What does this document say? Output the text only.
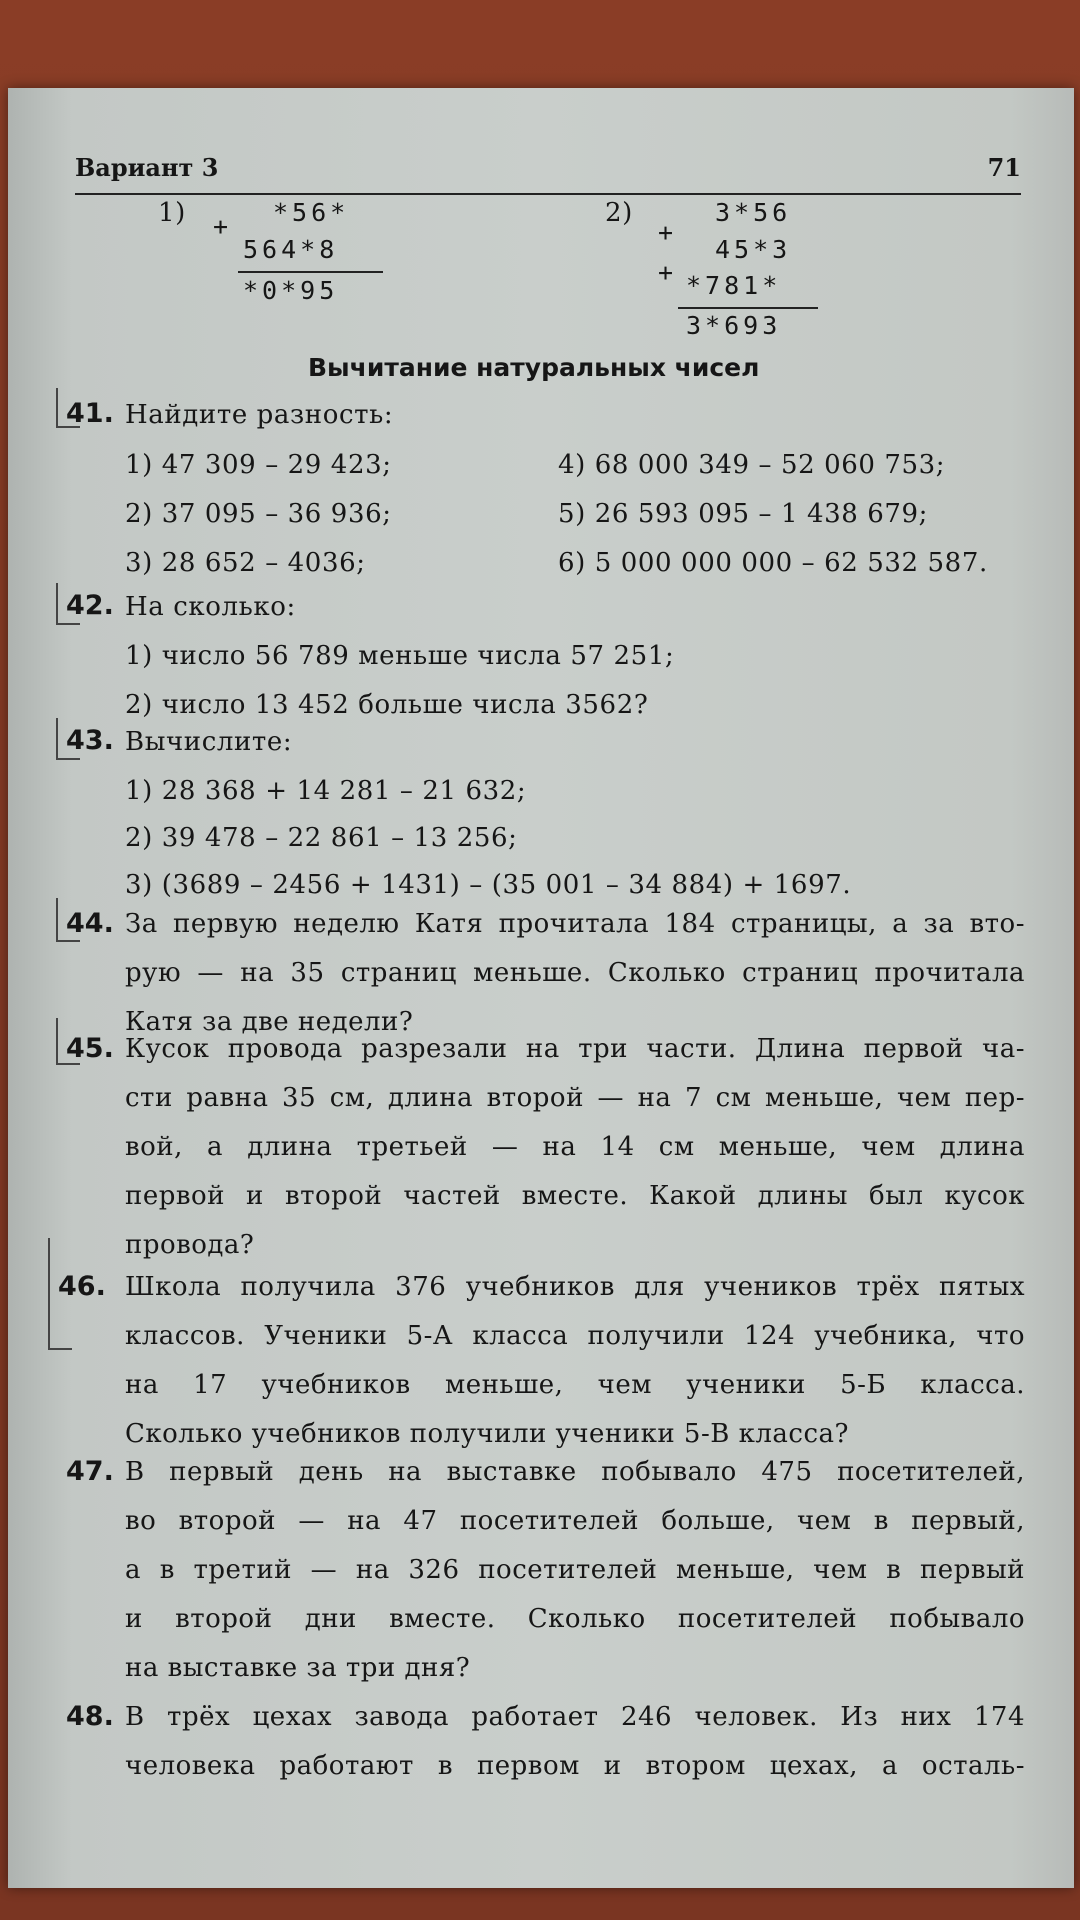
Вариант 3	71
1) + *56*
564*8
*0*95
2)
+
3*56
45*3
+ *781*
3*693
Вычитание натуральных чисел
41. Найдите разность:
1) 47 309 – 29 423;
2) 37 095 – 36 936;
3) 28 652 – 4036;
4) 68 000 349 – 52 060 753;
5) 26 593 095 – 1 438 679;
6) 5 000 000 000 – 62 532 587.
42. На сколько:
1) число 56 789 меньше числа 57 251;
2) число 13 452 больше числа 3562?
43. Вычислите:
1) 28 368 + 14 281 – 21 632;
2) 39 478 – 22 861 – 13 256;
3) (3689 – 2456 + 1431) – (35 001 – 34 884) + 1697.
44. За первую неделю Катя прочитала 184 страницы, а за вто-
рую — на 35 страниц меньше. Сколько страниц прочитала
Катя за две недели?
45. Кусок провода разрезали на три части. Длина первой ча-
сти равна 35 см, длина второй — на 7 см меньше, чем пер-
вой, а длина третьей — на 14 см меньше, чем длина
первой и второй частей вместе. Какой длины был кусок
провода?
46. Школа получила 376 учебников для учеников трёх пятых
классов. Ученики 5-А класса получили 124 учебника, что
на 17 учебников меньше, чем ученики 5-Б класса.
Сколько учебников получили ученики 5-В класса?
47. В первый день на выставке побывало 475 посетителей,
во второй — на 47 посетителей больше, чем в первый,
а в третий — на 326 посетителей меньше, чем в первый
и второй дни вместе. Сколько посетителей побывало
на выставке за три дня?
48. В трёх цехах завода работает 246 человек. Из них 174
человека работают в первом и втором цехах, а осталь-
